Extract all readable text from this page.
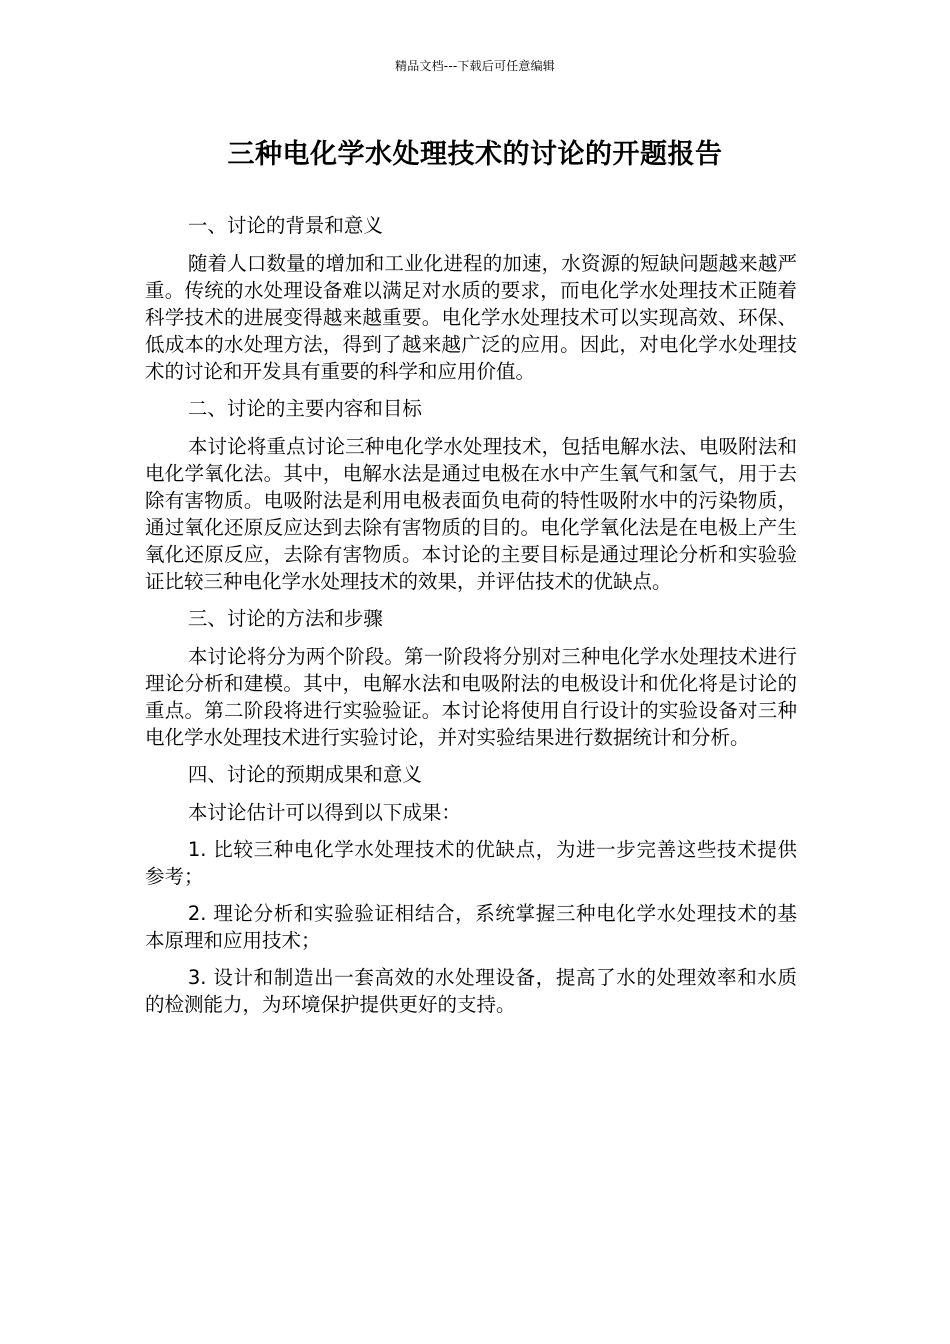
精品文档---下载后可任意编辑
三种电化学水处理技术的讨论的开题报告

一、讨论的背景和意义

随着人口数量的增加和工业化进程的加速，水资源的短缺问题越来越严重。传统的水处理设备难以满足对水质的要求，而电化学水处理技术正随着科学技术的进展变得越来越重要。电化学水处理技术可以实现高效、环保、低成本的水处理方法，得到了越来越广泛的应用。因此，对电化学水处理技术的讨论和开发具有重要的科学和应用价值。

二、讨论的主要内容和目标

本讨论将重点讨论三种电化学水处理技术，包括电解水法、电吸附法和电化学氧化法。其中，电解水法是通过电极在水中产生氧气和氢气，用于去除有害物质。电吸附法是利用电极表面负电荷的特性吸附水中的污染物质，通过氧化还原反应达到去除有害物质的目的。电化学氧化法是在电极上产生氧化还原反应，去除有害物质。本讨论的主要目标是通过理论分析和实验验证比较三种电化学水处理技术的效果，并评估技术的优缺点。

三、讨论的方法和步骤

本讨论将分为两个阶段。第一阶段将分别对三种电化学水处理技术进行理论分析和建模。其中，电解水法和电吸附法的电极设计和优化将是讨论的重点。第二阶段将进行实验验证。本讨论将使用自行设计的实验设备对三种电化学水处理技术进行实验讨论，并对实验结果进行数据统计和分析。

四、讨论的预期成果和意义

本讨论估计可以得到以下成果：

1. 比较三种电化学水处理技术的优缺点，为进一步完善这些技术提供参考；

2. 理论分析和实验验证相结合，系统掌握三种电化学水处理技术的基本原理和应用技术；

3. 设计和制造出一套高效的水处理设备，提高了水的处理效率和水质的检测能力，为环境保护提供更好的支持。
